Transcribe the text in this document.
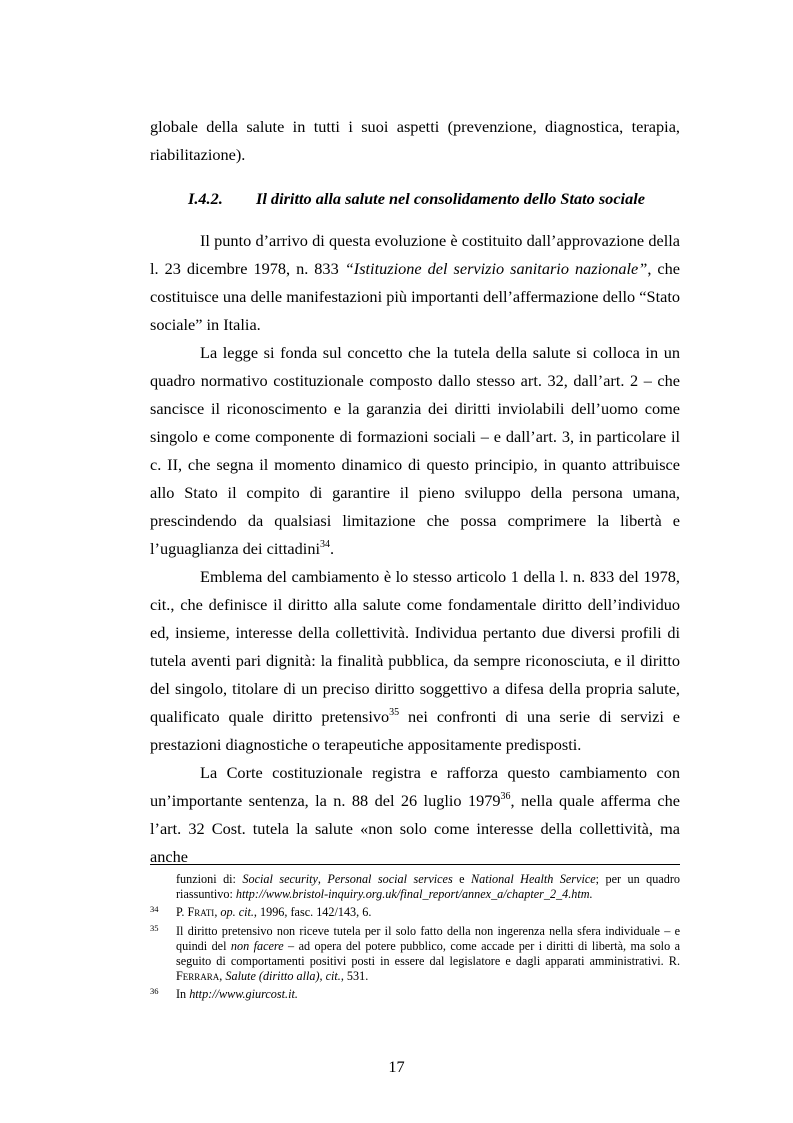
globale della salute in tutti i suoi aspetti (prevenzione, diagnostica, terapia, riabilitazione).

I.4.2. Il diritto alla salute nel consolidamento dello Stato sociale

Il punto d’arrivo di questa evoluzione è costituito dall’approvazione della l. 23 dicembre 1978, n. 833 “Istituzione del servizio sanitario nazionale”, che costituisce una delle manifestazioni più importanti dell’affermazione dello “Stato sociale” in Italia.

La legge si fonda sul concetto che la tutela della salute si colloca in un quadro normativo costituzionale composto dallo stesso art. 32, dall’art. 2 – che sancisce il riconoscimento e la garanzia dei diritti inviolabili dell’uomo come singolo e come componente di formazioni sociali – e dall’art. 3, in particolare il c. II, che segna il momento dinamico di questo principio, in quanto attribuisce allo Stato il compito di garantire il pieno sviluppo della persona umana, prescindendo da qualsiasi limitazione che possa comprimere la libertà e l’uguaglianza dei cittadini$^{34}$.

Emblema del cambiamento è lo stesso articolo 1 della l. n. 833 del 1978, cit., che definisce il diritto alla salute come fondamentale diritto dell’individuo ed, insieme, interesse della collettività. Individua pertanto due diversi profili di tutela aventi pari dignità: la finalità pubblica, da sempre riconosciuta, e il diritto del singolo, titolare di un preciso diritto soggettivo a difesa della propria salute, qualificato quale diritto pretensivo$^{35}$ nei confronti di una serie di servizi e prestazioni diagnostiche o terapeutiche appositamente predisposti.

La Corte costituzionale registra e rafforza questo cambiamento con un’importante sentenza, la n. 88 del 26 luglio 1979$^{36}$, nella quale afferma che l’art. 32 Cost. tutela la salute «non solo come interesse della collettività, ma anche

funzioni di: Social security, Personal social services e National Health Service; per un quadro riassuntivo: http://www.bristol-inquiry.org.uk/final_report/annex_a/chapter_2_4.htm.
34 P. Frati, op. cit., 1996, fasc. 142/143, 6.
35 Il diritto pretensivo non riceve tutela per il solo fatto della non ingerenza nella sfera individuale – e quindi del non facere – ad opera del potere pubblico, come accade per i diritti di libertà, ma solo a seguito di comportamenti positivi posti in essere dal legislatore e dagli apparati amministrativi. R. Ferrara, Salute (diritto alla), cit., 531.
36 In http://www.giurcost.it.
17
